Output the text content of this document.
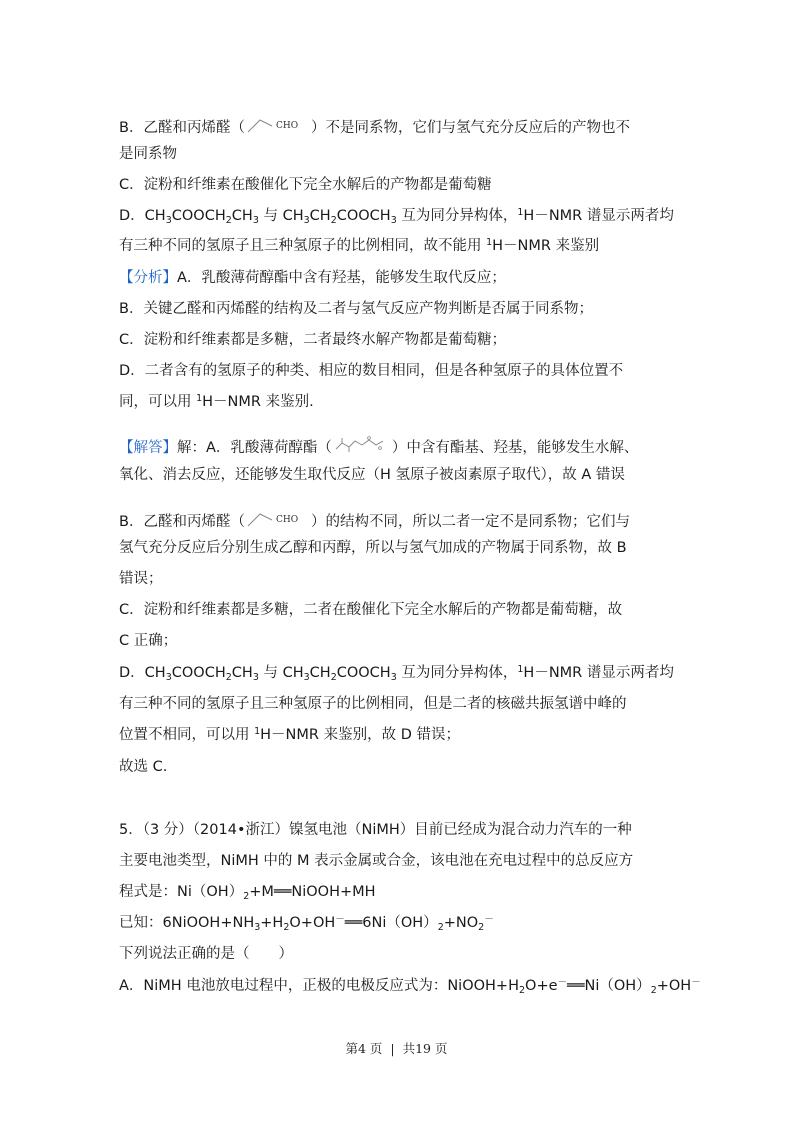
B．乙醛和丙烯醛（	CHO ）不是同系物，它们与氢气充分反应后的产物也不
是同系物
C．淀粉和纤维素在酸催化下完全水解后的产物都是葡萄糖
D．$CH_3COOCH_2CH_3$ 与 $CH_3CH_2COOCH_3$ 互为同分异构体，$^1$H－NMR 谱显示两者均
有三种不同的氢原子且三种氢原子的比例相同，故不能用 $^1$H－NMR 来鉴别
【分析】A．乳酸薄荷醇酯中含有羟基，能够发生取代反应；
B．关键乙醛和丙烯醛的结构及二者与氢气反应产物判断是否属于同系物；
C．淀粉和纤维素都是多糖，二者最终水解产物都是葡萄糖；
D．二者含有的氢原子的种类、相应的数目相同，但是各种氢原子的具体位置不
同，可以用 $^1$H－NMR 来鉴别.
【解答】解：A．乳酸薄荷醇酯（	）中含有酯基、羟基，能够发生水解、
氧化、消去反应，还能够发生取代反应（H 氢原子被卤素原子取代），故 A 错误
B．乙醛和丙烯醛（	CHO ）的结构不同，所以二者一定不是同系物；它们与
氢气充分反应后分别生成乙醇和丙醇，所以与氢气加成的产物属于同系物，故 B
错误；
C．淀粉和纤维素都是多糖，二者在酸催化下完全水解后的产物都是葡萄糖，故
C 正确；
D．$CH_3COOCH_2CH_3$ 与 $CH_3CH_2COOCH_3$ 互为同分异构体，$^1$H－NMR 谱显示两者均
有三种不同的氢原子且三种氢原子的比例相同，但是二者的核磁共振氢谱中峰的
位置不相同，可以用 $^1$H－NMR 来鉴别，故 D 错误；
故选 C.
5．（3 分）（2014•浙江）镍氢电池（NiMH）目前已经成为混合动力汽车的一种
主要电池类型，NiMH 中的 M 表示金属或合金，该电池在充电过程中的总反应方
程式是：$Ni(OH)_2+M══NiOOH+MH$
已知：$6NiOOH+NH_3+H_2O+OH^-══6Ni(OH)_2+NO_2^-$
下列说法正确的是（　　）
A．NiMH 电池放电过程中，正极的电极反应式为：$NiOOH+H_2O+e^-══Ni(OH)_2+OH^-$
第4 页 | 共19 页
